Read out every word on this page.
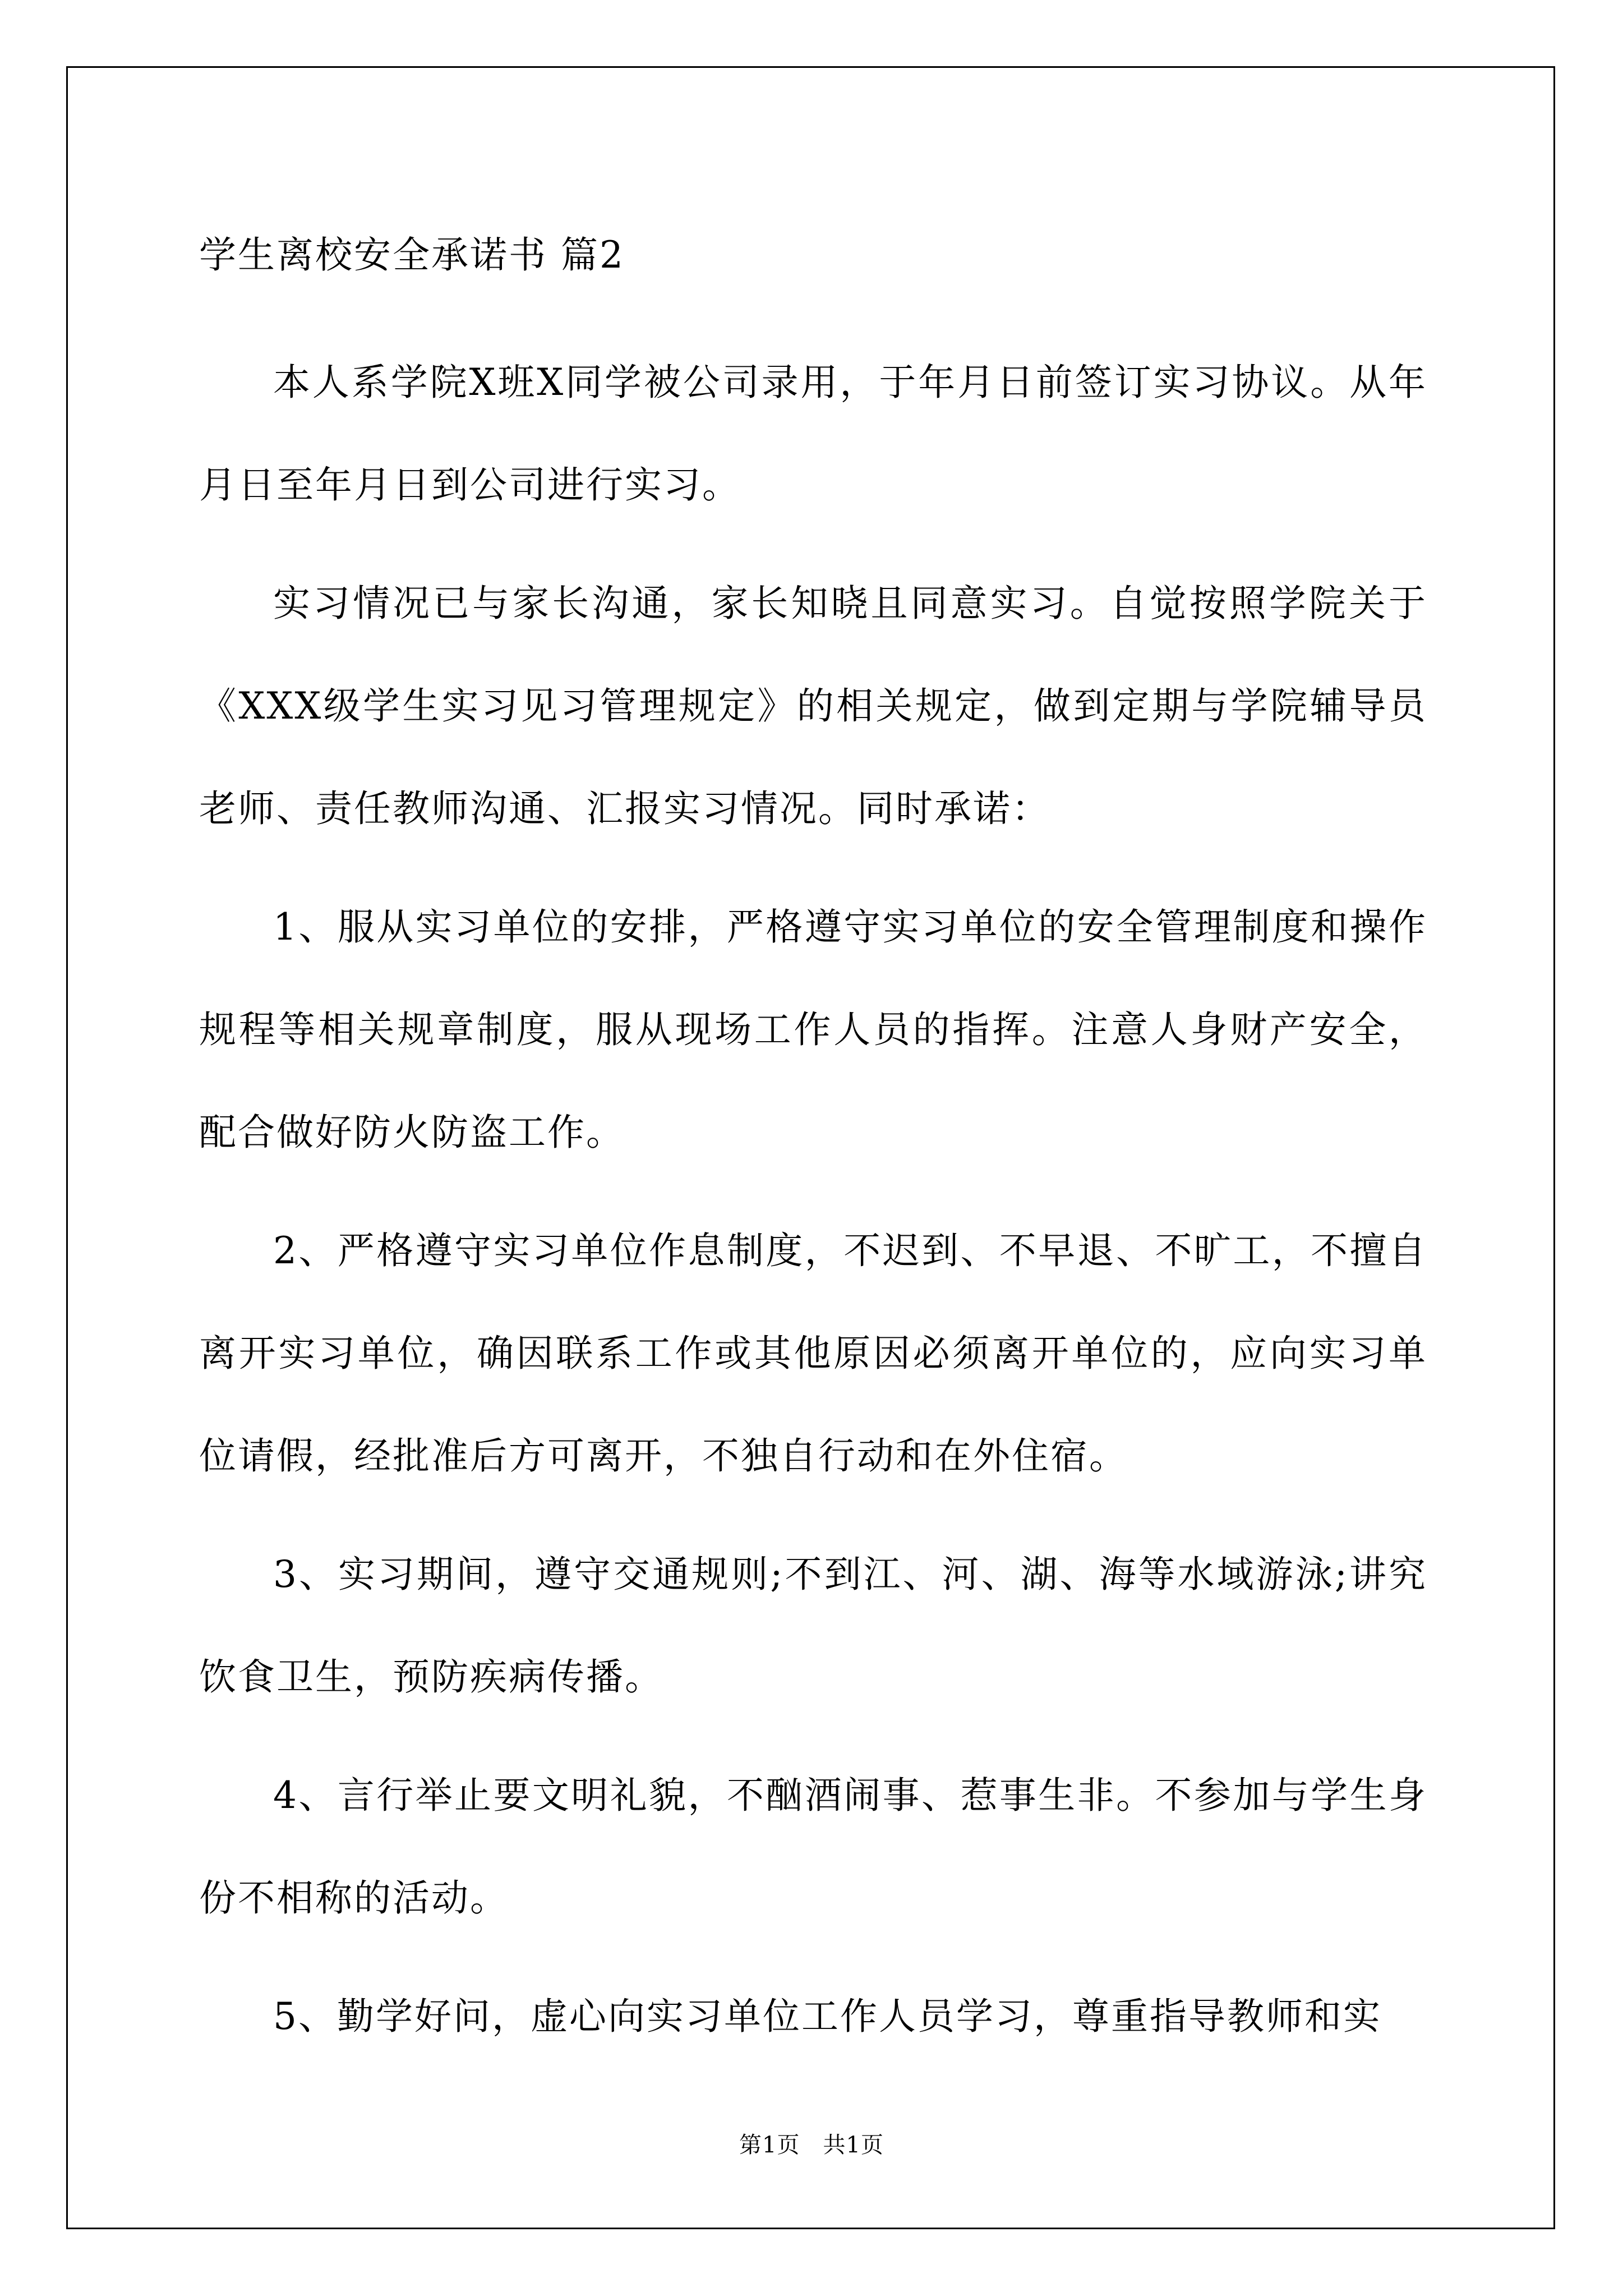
学生离校安全承诺书 篇2

本人系学院X班X同学被公司录用，于年月日前签订实习协议。从年月日至年月日到公司进行实习。

实习情况已与家长沟通，家长知晓且同意实习。自觉按照学院关于《XXX级学生实习见习管理规定》的相关规定，做到定期与学院辅导员老师、责任教师沟通、汇报实习情况。同时承诺：

1、服从实习单位的安排，严格遵守实习单位的安全管理制度和操作规程等相关规章制度，服从现场工作人员的指挥。注意人身财产安全，配合做好防火防盗工作。

2、严格遵守实习单位作息制度，不迟到、不早退、不旷工，不擅自离开实习单位，确因联系工作或其他原因必须离开单位的，应向实习单位请假，经批准后方可离开，不独自行动和在外住宿。

3、实习期间，遵守交通规则;不到江、河、湖、海等水域游泳;讲究饮食卫生，预防疾病传播。

4、言行举止要文明礼貌，不酗酒闹事、惹事生非。不参加与学生身份不相称的活动。

5、勤学好问，虚心向实习单位工作人员学习，尊重指导教师和实

第1页　共1页
